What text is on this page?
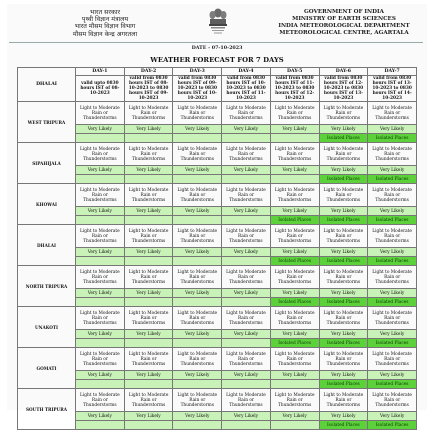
भारत सरकार
पृथ्वी विज्ञान मंत्रालय
भारत मौसम विज्ञान विभाग
मौसम विज्ञान केन्द्र अगरतला
GOVERNMENT OF INDIA
MINISTRY OF EARTH SCIENCES
INDIA METEOROLOGICAL DEPARTMENT
METEOROLOGICAL CENTRE, AGARTALA
DATE - 07-10-2023
WEATHER FORECAST FOR 7 DAYS
DHALAI	DAY-1	DAY-2	DAY-3	DAY-4	DAY-5	DAY-6	DAY-7
	valid upto 0830 hours IST of 08-10-2023	valid from 0830 hours IST of 08-10-2023 to 0830 hours IST of 09-10-2023	valid from 0830 hours IST of 09-10-2023 to 0830 hours IST of 10-10-2023	valid from 0830 hours IST of 10-10-2023 to 0830 hours IST of 11-10-2023	valid from 0830 hours IST of 11-10-2023 to 0830 hours IST of 12-10-2023	valid from 0830 hours IST of 12-10-2023 to 0830 hours IST of 13-10-2023	valid from 0830 hours IST of 13-10-2023 to 0830 hours IST of 14-10-2023
WEST TRIPURA	Light to Moderate Rain or Thunderstorms	Light to Moderate Rain or Thunderstorms	Light to Moderate Rain or Thunderstorms	Light to Moderate Rain or Thunderstorms	Light to Moderate Rain or Thunderstorms	Light to Moderate Rain or Thunderstorms	Light to Moderate Rain or Thunderstorms
	Very Likely	Very Likely	Very Likely	Very Likely	Very Likely	Very Likely	Very Likely
						Isolated Places	Isolated Places
SIPAHIJALA	Light to Moderate Rain or Thunderstorms	Light to Moderate Rain or Thunderstorms	Light to Moderate Rain or Thunderstorms	Light to Moderate Rain or Thunderstorms	Light to Moderate Rain or Thunderstorms	Light to Moderate Rain or Thunderstorms	Light to Moderate Rain or Thunderstorms
	Very Likely	Very Likely	Very Likely	Very Likely	Very Likely	Very Likely	Very Likely
						Isolated Places	Isolated Places
KHOWAI	Light to Moderate Rain or Thunderstorms	Light to Moderate Rain or Thunderstorms	Light to Moderate Rain or Thunderstorms	Light to Moderate Rain or Thunderstorms	Light to Moderate Rain or Thunderstorms	Light to Moderate Rain or Thunderstorms	Light to Moderate Rain or Thunderstorms
	Very Likely	Very Likely	Very Likely	Very Likely	Very Likely	Very Likely	Very Likely
					Isolated Places	Isolated Places	Isolated Places
DHALAI	Light to Moderate Rain or Thunderstorms	Light to Moderate Rain or Thunderstorms	Light to Moderate Rain or Thunderstorms	Light to Moderate Rain or Thunderstorms	Light to Moderate Rain or Thunderstorms	Light to Moderate Rain or Thunderstorms	Light to Moderate Rain or Thunderstorms
	Very Likely	Very Likely	Very Likely	Very Likely	Very Likely	Very Likely	Very Likely
					Isolated Places	Isolated Places	Isolated Places
NORTH TRIPURA	Light to Moderate Rain or Thunderstorms	Light to Moderate Rain or Thunderstorms	Light to Moderate Rain or Thunderstorms	Light to Moderate Rain or Thunderstorms	Light to Moderate Rain or Thunderstorms	Light to Moderate Rain or Thunderstorms	Light to Moderate Rain or Thunderstorms
	Very Likely	Very Likely	Very Likely	Very Likely	Very Likely	Very Likely	Very Likely
					Isolated Places	Isolated Places	Isolated Places
UNAKOTI	Light to Moderate Rain or Thunderstorms	Light to Moderate Rain or Thunderstorms	Light to Moderate Rain or Thunderstorms	Light to Moderate Rain or Thunderstorms	Light to Moderate Rain or Thunderstorms	Light to Moderate Rain or Thunderstorms	Light to Moderate Rain or Thunderstorms
	Very Likely	Very Likely	Very Likely	Very Likely	Very Likely	Very Likely	Very Likely
					Isolated Places	Isolated Places	Isolated Places
GOMATI	Light to Moderate Rain or Thunderstorms	Light to Moderate Rain or Thunderstorms	Light to Moderate Rain or Thunderstorms	Light to Moderate Rain or Thunderstorms	Light to Moderate Rain or Thunderstorms	Light to Moderate Rain or Thunderstorms	Light to Moderate Rain or Thunderstorms
	Very Likely	Very Likely	Very Likely	Very Likely	Very Likely	Very Likely	Very Likely
						Isolated Places	Isolated Places
SOUTH TRIPURA	Light to Moderate Rain or Thunderstorms	Light to Moderate Rain or Thunderstorms	Light to Moderate Rain or Thunderstorms	Light to Moderate Rain or Thunderstorms	Light to Moderate Rain or Thunderstorms	Light to Moderate Rain or Thunderstorms	Light to Moderate Rain or Thunderstorms
	Very Likely	Very Likely	Very Likely	Very Likely	Very Likely	Very Likely	Very Likely
						Isolated Places	Isolated Places
